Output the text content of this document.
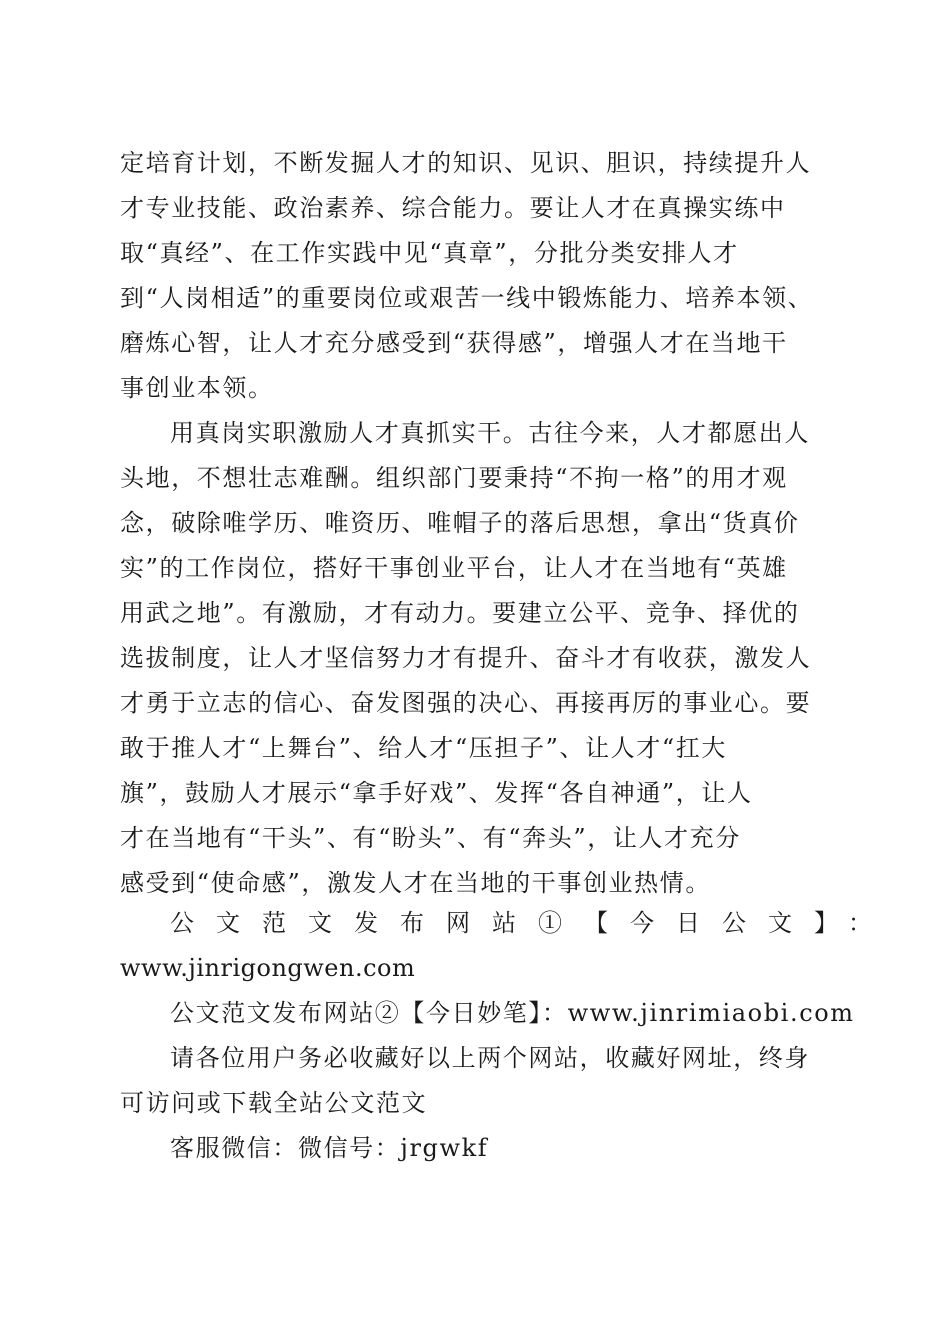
定培育计划，不断发掘人才的知识、见识、胆识，持续提升人
才专业技能、政治素养、综合能力。要让人才在真操实练中
取“真经”、在工作实践中见“真章”，分批分类安排人才
到“人岗相适”的重要岗位或艰苦一线中锻炼能力、培养本领、
磨炼心智，让人才充分感受到“获得感”，增强人才在当地干
事创业本领。
用真岗实职激励人才真抓实干。古往今来，人才都愿出人
头地，不想壮志难酬。组织部门要秉持“不拘一格”的用才观
念，破除唯学历、唯资历、唯帽子的落后思想，拿出“货真价
实”的工作岗位，搭好干事创业平台，让人才在当地有“英雄
用武之地”。有激励，才有动力。要建立公平、竞争、择优的
选拔制度，让人才坚信努力才有提升、奋斗才有收获，激发人
才勇于立志的信心、奋发图强的决心、再接再厉的事业心。要
敢于推人才“上舞台”、给人才“压担子”、让人才“扛大
旗”，鼓励人才展示“拿手好戏”、发挥“各自神通”，让人
才在当地有“干头”、有“盼头”、有“奔头”，让人才充分
感受到“使命感”，激发人才在当地的干事创业热情。
公文范文发布网站①【今日公文】：
www.jinrigongwen.com
公文范文发布网站②【今日妙笔】：www.jinrimiaobi.com
请各位用户务必收藏好以上两个网站，收藏好网址，终身
可访问或下载全站公文范文
客服微信：微信号：jrgwkf
